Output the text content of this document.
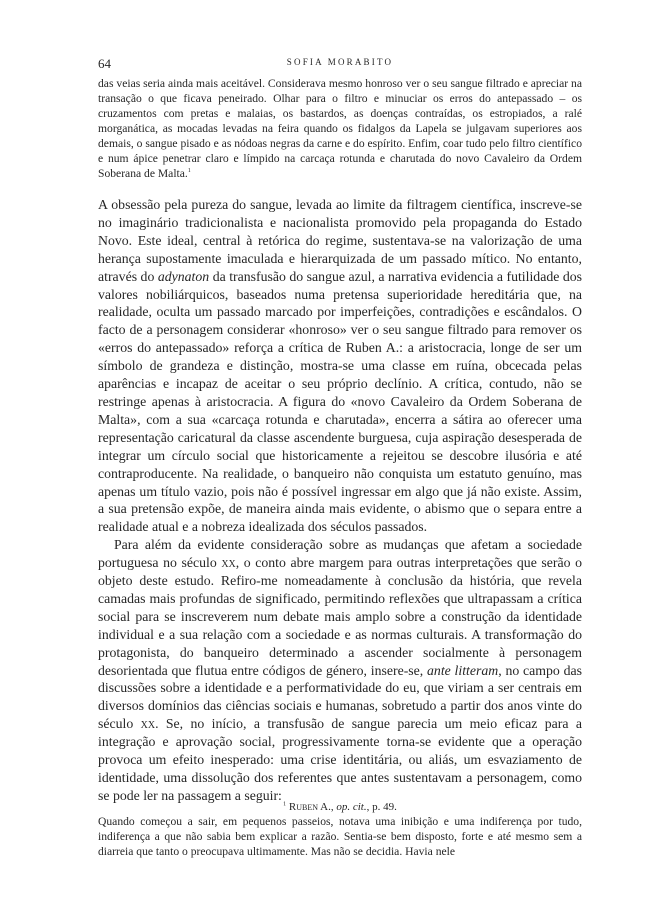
64	SOFIA MORABITO

das veias seria ainda mais aceitável. Considerava mesmo honroso ver o seu sangue filtrado e apreciar na transação o que ficava peneirado. Olhar para o filtro e minuciar os erros do antepassado – os cruzamentos com pretas e malaias, os bastardos, as doenças contraídas, os estropiados, a ralé morganática, as mocadas levadas na feira quando os fidalgos da Lapela se julgavam superiores aos demais, o sangue pisado e as nódoas negras da carne e do espírito. Enfim, coar tudo pelo filtro científico e num ápice penetrar claro e límpido na carcaça rotunda e charutada do novo Cavaleiro da Ordem Soberana de Malta.$^1$

A obsessão pela pureza do sangue, levada ao limite da filtragem científica, inscreve-se no imaginário tradicionalista e nacionalista promovido pela propaganda do Estado Novo. Este ideal, central à retórica do regime, sustentava-se na valorização de uma herança supostamente imaculada e hierarquizada de um passado mítico. No entanto, através do adynaton da transfusão do sangue azul, a narrativa evidencia a futilidade dos valores nobiliárquicos, baseados numa pretensa superioridade hereditária que, na realidade, oculta um passado marcado por imperfeições, contradições e escândalos. O facto de a personagem considerar «honroso» ver o seu sangue filtrado para remover os «erros do antepassado» reforça a crítica de Ruben A.: a aristocracia, longe de ser um símbolo de grandeza e distinção, mostra-se uma classe em ruína, obcecada pelas aparências e incapaz de aceitar o seu próprio declínio. A crítica, contudo, não se restringe apenas à aristocracia. A figura do «novo Cavaleiro da Ordem Soberana de Malta», com a sua «carcaça rotunda e charutada», encerra a sátira ao oferecer uma representação caricatural da classe ascendente burguesa, cuja aspiração desesperada de integrar um círculo social que historicamente a rejeitou se descobre ilusória e até contraproducente. Na realidade, o banqueiro não conquista um estatuto genuíno, mas apenas um título vazio, pois não é possível ingressar em algo que já não existe. Assim, a sua pretensão expõe, de maneira ainda mais evidente, o abismo que o separa entre a realidade atual e a nobreza idealizada dos séculos passados.

Para além da evidente consideração sobre as mudanças que afetam a sociedade portuguesa no século xx, o conto abre margem para outras interpretações que serão o objeto deste estudo. Refiro-me nomeadamente à conclusão da história, que revela camadas mais profundas de significado, permitindo reflexões que ultrapassam a crítica social para se inscreverem num debate mais amplo sobre a construção da identidade individual e a sua relação com a sociedade e as normas culturais. A transformação do protagonista, do banqueiro determinado a ascender socialmente à personagem desorientada que flutua entre códigos de género, insere-se, ante litteram, no campo das discussões sobre a identidade e a performatividade do eu, que viriam a ser centrais em diversos domínios das ciências sociais e humanas, sobretudo a partir dos anos vinte do século xx. Se, no início, a transfusão de sangue parecia um meio eficaz para a integração e aprovação social, progressivamente torna-se evidente que a operação provoca um efeito inesperado: uma crise identitária, ou aliás, um esvaziamento de identidade, uma dissolução dos referentes que antes sustentavam a personagem, como se pode ler na passagem a seguir:

Quando começou a sair, em pequenos passeios, notava uma inibição e uma indiferença por tudo, indiferença a que não sabia bem explicar a razão. Sentia-se bem disposto, forte e até mesmo sem a diarreia que tanto o preocupava ultimamente. Mas não se decidia. Havia nele

$^1$ Ruben A., op. cit., p. 49.
